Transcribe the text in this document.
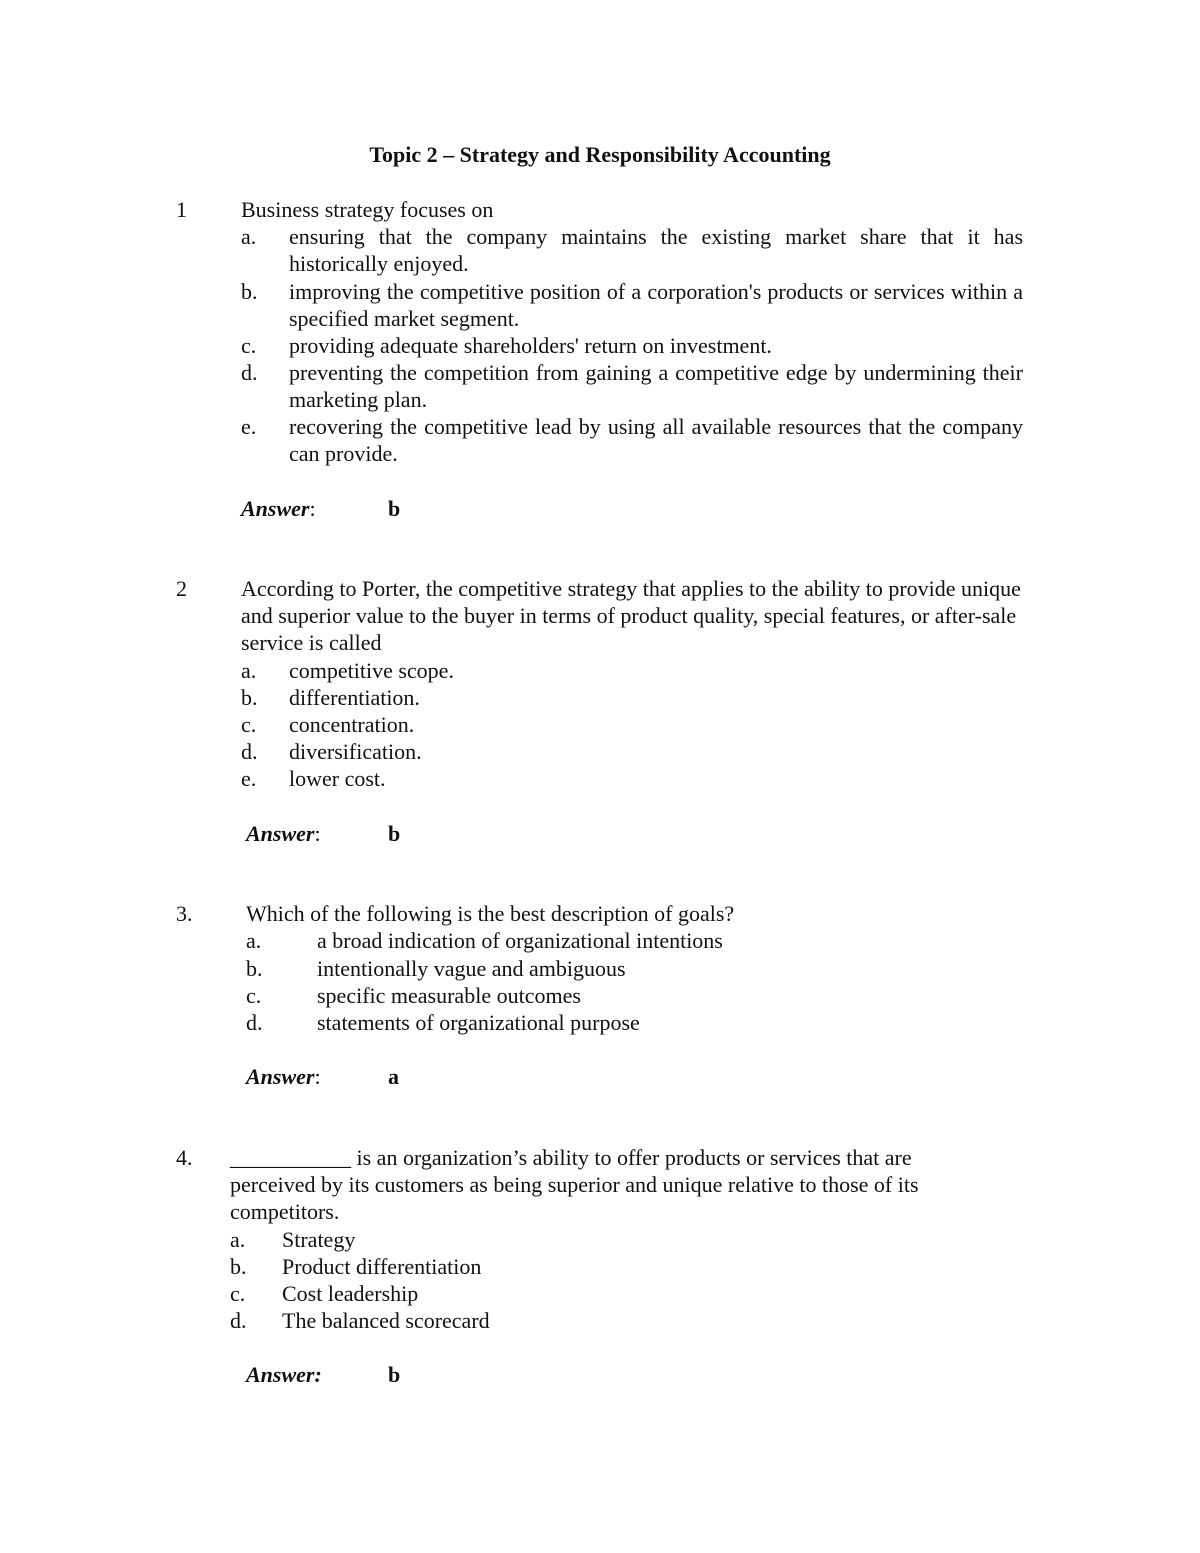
Topic 2 – Strategy and Responsibility Accounting
1 Business strategy focuses on
a. ensuring that the company maintains the existing market share that it has historically enjoyed.
b. improving the competitive position of a corporation's products or services within a specified market segment.
c. providing adequate shareholders' return on investment.
d. preventing the competition from gaining a competitive edge by undermining their marketing plan.
e. recovering the competitive lead by using all available resources that the company can provide.
Answer:	b
2 According to Porter, the competitive strategy that applies to the ability to provide unique and superior value to the buyer in terms of product quality, special features, or after-sale service is called
a. competitive scope.
b. differentiation.
c. concentration.
d. diversification.
e. lower cost.
Answer:	b
3. Which of the following is the best description of goals?
a.	a broad indication of organizational intentions
b. intentionally vague and ambiguous
c.	specific measurable outcomes
d. statements of organizational purpose
Answer:	a
4. ___________ is an organization’s ability to offer products or services that are perceived by its customers as being superior and unique relative to those of its competitors.
a. Strategy
b. Product differentiation
c. Cost leadership
d. The balanced scorecard
Answer:	b
